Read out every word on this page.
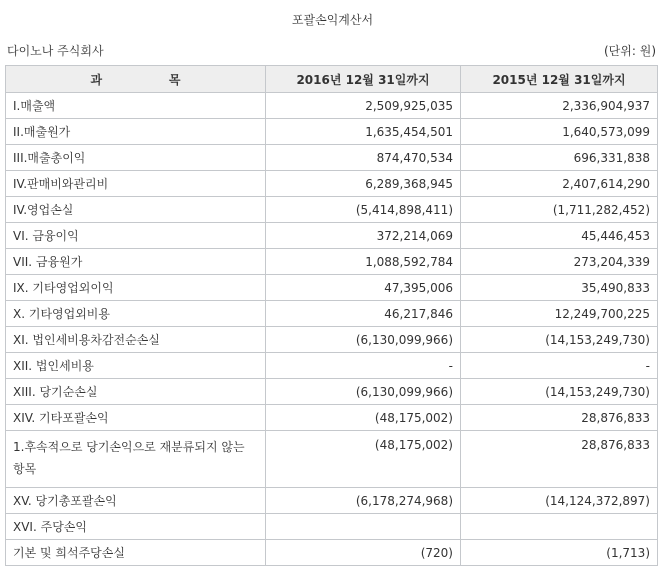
포괄손익계산서
다이노나 주식회사	(단위: 원)
과                목	2016년 12월 31일까지	2015년 12월 31일까지
I.매출액	2,509,925,035	2,336,904,937
II.매출원가	1,635,454,501	1,640,573,099
III.매출총이익	874,470,534	696,331,838
IV.판매비와관리비	6,289,368,945	2,407,614,290
IV.영업손실	(5,414,898,411)	(1,711,282,452)
VI. 금융이익	372,214,069	45,446,453
VII. 금융원가	1,088,592,784	273,204,339
IX. 기타영업외이익	47,395,006	35,490,833
X. 기타영업외비용	46,217,846	12,249,700,225
XI. 법인세비용차감전순손실	(6,130,099,966)	(14,153,249,730)
XII. 법인세비용	-	-
XIII. 당기순손실	(6,130,099,966)	(14,153,249,730)
XIV. 기타포괄손익	(48,175,002)	28,876,833
1.후속적으로 당기손익으로 재분류되지 않는 항목	(48,175,002)	28,876,833
XV. 당기총포괄손익	(6,178,274,968)	(14,124,372,897)
XVI. 주당손익		
기본 및 희석주당손실	(720)	(1,713)
